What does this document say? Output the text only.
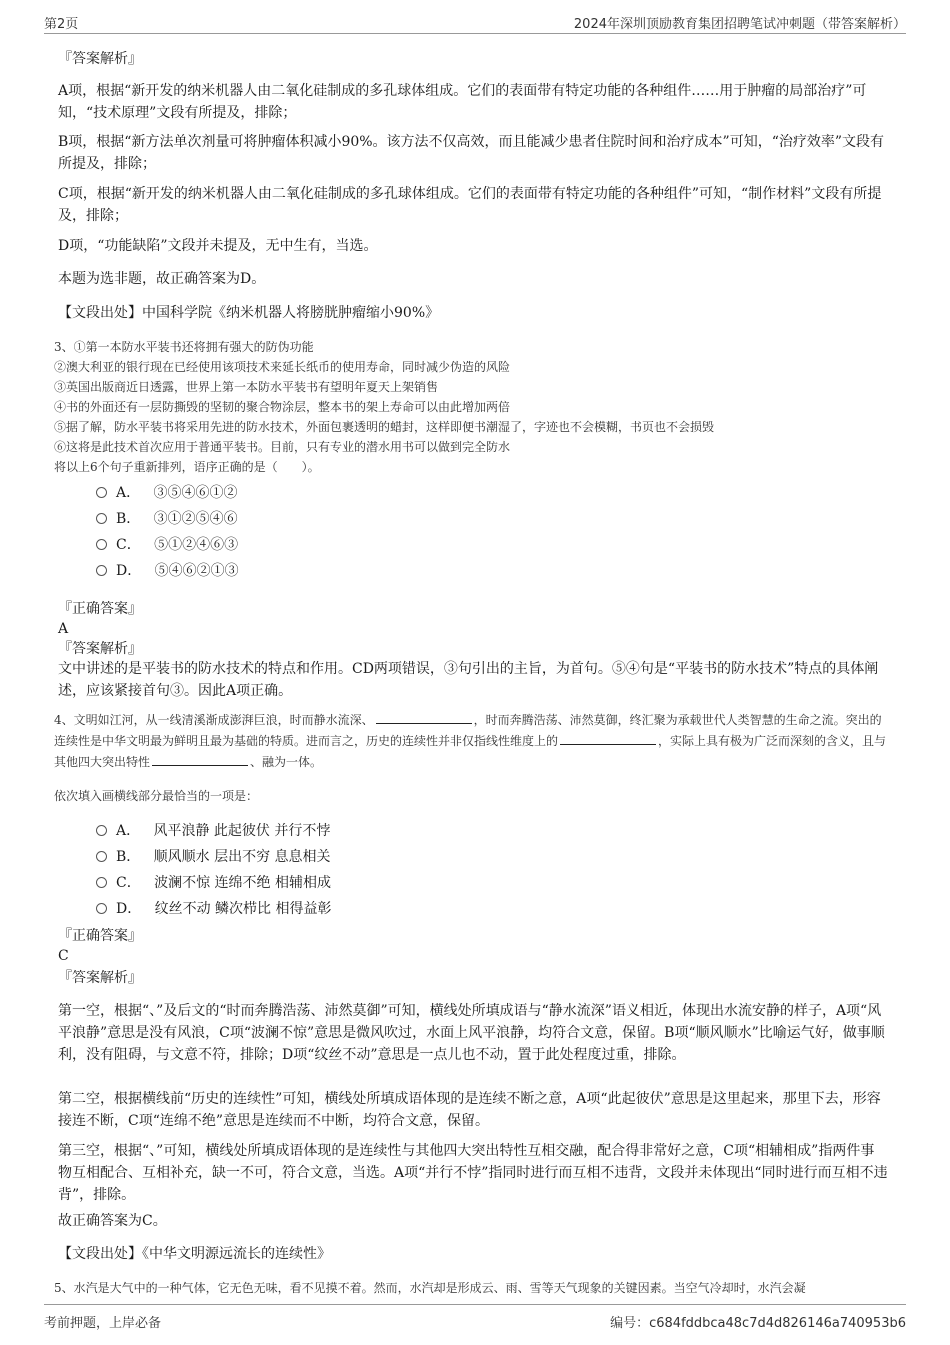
第2页	2024年深圳顶励教育集团招聘笔试冲刺题（带答案解析）
『答案解析』
A项，根据“新开发的纳米机器人由二氧化硅制成的多孔球体组成。它们的表面带有特定功能的各种组件……用于肿瘤的局部治疗”可知，“技术原理”文段有所提及，排除；
B项，根据“新方法单次剂量可将肿瘤体积减小90%。该方法不仅高效，而且能减少患者住院时间和治疗成本”可知，“治疗效率”文段有所提及，排除；
C项，根据“新开发的纳米机器人由二氧化硅制成的多孔球体组成。它们的表面带有特定功能的各种组件”可知，“制作材料”文段有所提及，排除；
D项，“功能缺陷”文段并未提及，无中生有，当选。
本题为选非题，故正确答案为D。
【文段出处】中国科学院《纳米机器人将膀胱肿瘤缩小90%》
3、①第一本防水平装书还将拥有强大的防伪功能
②澳大利亚的银行现在已经使用该项技术来延长纸币的使用寿命，同时减少伪造的风险
③英国出版商近日透露，世界上第一本防水平装书有望明年夏天上架销售
④书的外面还有一层防撕毁的坚韧的聚合物涂层，整本书的架上寿命可以由此增加两倍
⑤据了解，防水平装书将采用先进的防水技术，外面包裹透明的蜡封，这样即便书潮湿了，字迹也不会模糊，书页也不会损毁
⑥这将是此技术首次应用于普通平装书。目前，只有专业的潜水用书可以做到完全防水
将以上6个句子重新排列，语序正确的是（　　）。
A． ③⑤④⑥①②
B． ③①②⑤④⑥
C． ⑤①②④⑥③
D． ⑤④⑥②①③
『正确答案』
A
『答案解析』
文中讲述的是平装书的防水技术的特点和作用。CD两项错误，③句引出的主旨，为首句。⑤④句是“平装书的防水技术”特点的具体阐述，应该紧接首句③。因此A项正确。
4、文明如江河，从一线清溪渐成澎湃巨浪，时而静水流深、	，时而奔腾浩荡、沛然莫御，终汇聚为承载世代人类智慧的生命之流。突出的连续性是中华文明最为鲜明且最为基础的特质。进而言之，历史的连续性并非仅指线性维度上的	，实际上具有极为广泛而深刻的含义，且与其他四大突出特性	、融为一体。
依次填入画横线部分最恰当的一项是：
A． 风平浪静 此起彼伏 并行不悖
B． 顺风顺水 层出不穷 息息相关
C． 波澜不惊 连绵不绝 相辅相成
D． 纹丝不动 鳞次栉比 相得益彰
『正确答案』
C
『答案解析』
第一空，根据“、”及后文的“时而奔腾浩荡、沛然莫御”可知，横线处所填成语与“静水流深”语义相近，体现出水流安静的样子，A项“风平浪静”意思是没有风浪，C项“波澜不惊”意思是微风吹过，水面上风平浪静，均符合文意，保留。B项“顺风顺水”比喻运气好，做事顺利，没有阻碍，与文意不符，排除；D项“纹丝不动”意思是一点儿也不动，置于此处程度过重，排除。
第二空，根据横线前“历史的连续性”可知，横线处所填成语体现的是连续不断之意，A项“此起彼伏”意思是这里起来，那里下去，形容接连不断，C项“连绵不绝”意思是连续而不中断，均符合文意，保留。
第三空，根据“、”可知，横线处所填成语体现的是连续性与其他四大突出特性互相交融，配合得非常好之意，C项“相辅相成”指两件事物互相配合、互相补充，缺一不可，符合文意，当选。A项“并行不悖”指同时进行而互相不违背，文段并未体现出“同时进行而互相不违背”，排除。
故正确答案为C。
【文段出处】《中华文明源远流长的连续性》
5、水汽是大气中的一种气体，它无色无味，看不见摸不着。然而，水汽却是形成云、雨、雪等天气现象的关键因素。当空气冷却时，水汽会凝
考前押题，上岸必备	编号：c684fddbca48c7d4d826146a740953b6
